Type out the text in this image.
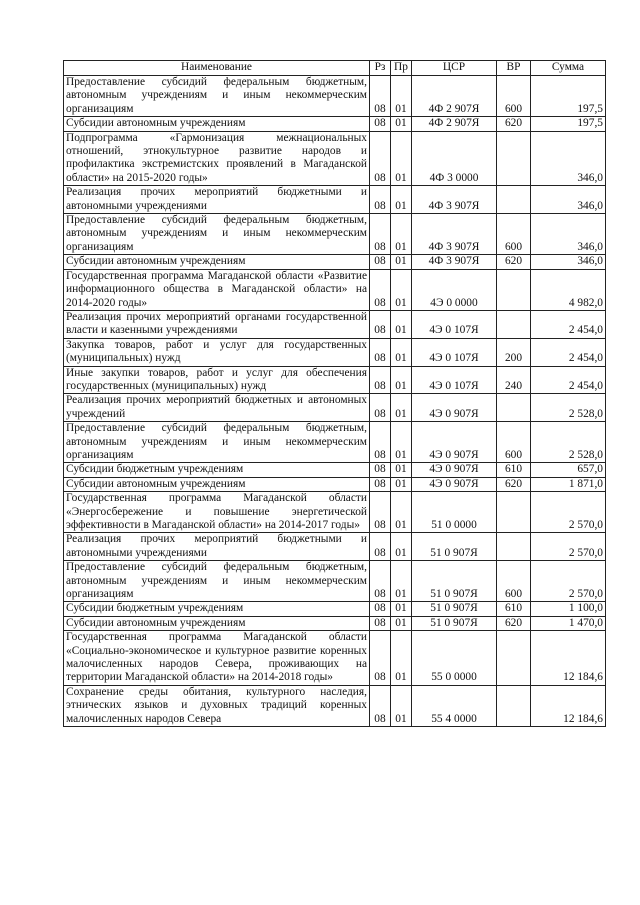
Наименование	Рз	Пр	ЦСР	ВР	Сумма
Предоставление субсидий федеральным бюджетным, автономным учреждениям и иным некоммерческим организациям	08	01	4Ф 2 907Я	600	197,5
Субсидии автономным учреждениям	08	01	4Ф 2 907Я	620	197,5
Подпрограмма «Гармонизация межнациональных отношений, этнокультурное развитие народов и профилактика экстремистских проявлений в Магаданской области» на 2015-2020 годы»	08	01	4Ф 3 0000		346,0
Реализация прочих мероприятий бюджетными и автономными учреждениями	08	01	4Ф 3 907Я		346,0
Предоставление субсидий федеральным бюджетным, автономным учреждениям и иным некоммерческим организациям	08	01	4Ф 3 907Я	600	346,0
Субсидии автономным учреждениям	08	01	4Ф 3 907Я	620	346,0
Государственная программа Магаданской области «Развитие информационного общества в Магаданской области» на 2014-2020 годы»	08	01	4Э 0 0000		4 982,0
Реализация прочих мероприятий органами государственной власти и казенными учреждениями	08	01	4Э 0 107Я		2 454,0
Закупка товаров, работ и услуг для государственных (муниципальных) нужд	08	01	4Э 0 107Я	200	2 454,0
Иные закупки товаров, работ и услуг для обеспечения государственных (муниципальных) нужд	08	01	4Э 0 107Я	240	2 454,0
Реализация прочих мероприятий бюджетных и автономных учреждений	08	01	4Э 0 907Я		2 528,0
Предоставление субсидий федеральным бюджетным, автономным учреждениям и иным некоммерческим организациям	08	01	4Э 0 907Я	600	2 528,0
Субсидии бюджетным учреждениям	08	01	4Э 0 907Я	610	657,0
Субсидии автономным учреждениям	08	01	4Э 0 907Я	620	1 871,0
Государственная программа Магаданской области «Энергосбережение и повышение энергетической эффективности в Магаданской области» на 2014-2017 годы»	08	01	51 0 0000		2 570,0
Реализация прочих мероприятий бюджетными и автономными учреждениями	08	01	51 0 907Я		2 570,0
Предоставление субсидий федеральным бюджетным, автономным учреждениям и иным некоммерческим организациям	08	01	51 0 907Я	600	2 570,0
Субсидии бюджетным учреждениям	08	01	51 0 907Я	610	1 100,0
Субсидии автономным учреждениям	08	01	51 0 907Я	620	1 470,0
Государственная программа Магаданской области «Социально-экономическое и культурное развитие коренных малочисленных народов Севера, проживающих на территории Магаданской области» на 2014-2018 годы»	08	01	55 0 0000		12 184,6
Сохранение среды обитания, культурного наследия, этнических языков и духовных традиций коренных малочисленных народов Севера	08	01	55 4 0000		12 184,6
